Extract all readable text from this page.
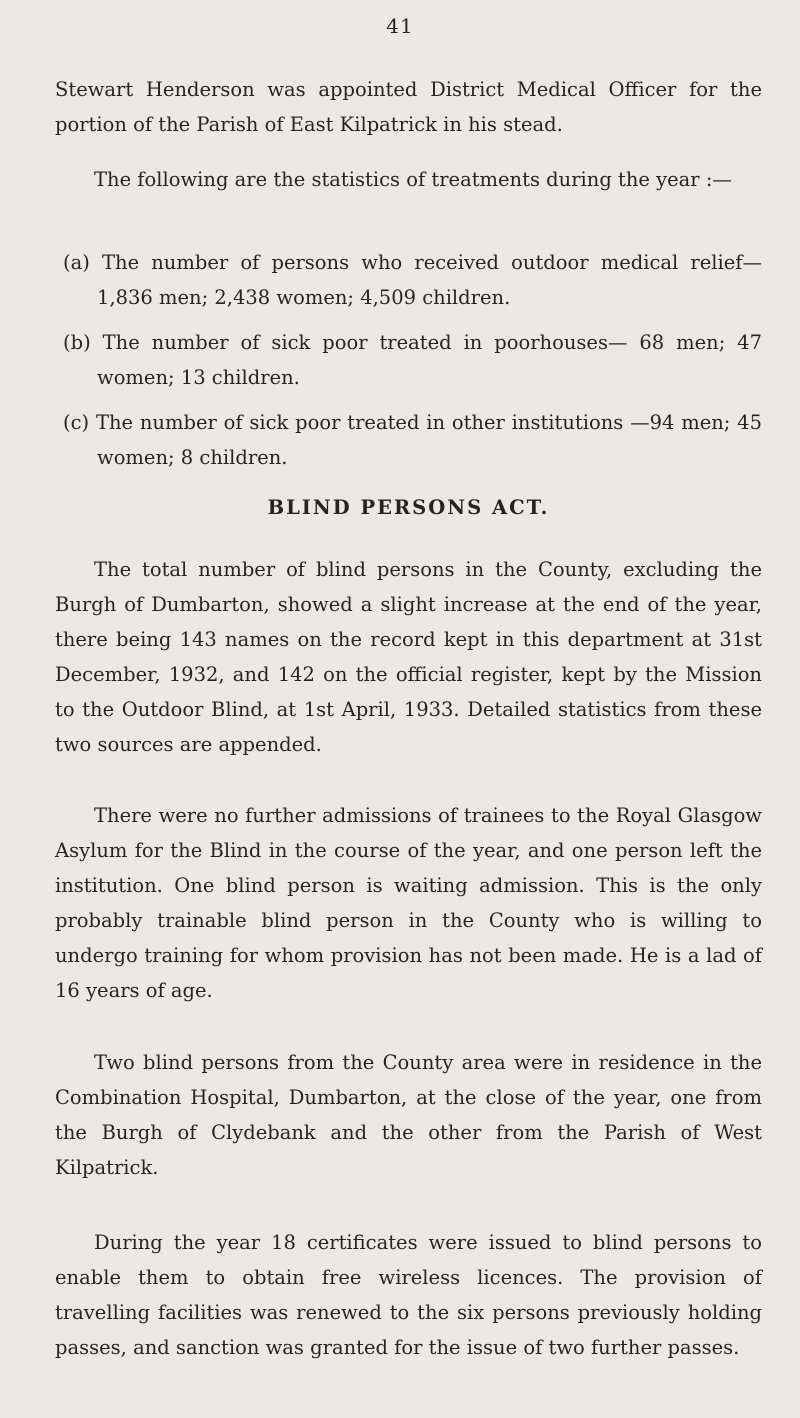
41

Stewart Henderson was appointed District Medical Officer for the portion of the Parish of East Kilpatrick in his stead.

The following are the statistics of treatments during the year :—

(a) The number of persons who received outdoor medical relief—1,836 men; 2,438 women; 4,509 children.

(b) The number of sick poor treated in poorhouses— 68 men; 47 women; 13 children.

(c) The number of sick poor treated in other institutions —94 men; 45 women; 8 children.

BLIND PERSONS ACT.

The total number of blind persons in the County, excluding the Burgh of Dumbarton, showed a slight increase at the end of the year, there being 143 names on the record kept in this department at 31st December, 1932, and 142 on the official register, kept by the Mission to the Outdoor Blind, at 1st April, 1933. Detailed statistics from these two sources are appended.

There were no further admissions of trainees to the Royal Glasgow Asylum for the Blind in the course of the year, and one person left the institution. One blind person is waiting admission. This is the only probably trainable blind person in the County who is willing to undergo training for whom provision has not been made. He is a lad of 16 years of age.

Two blind persons from the County area were in residence in the Combination Hospital, Dumbarton, at the close of the year, one from the Burgh of Clydebank and the other from the Parish of West Kilpatrick.

During the year 18 certificates were issued to blind persons to enable them to obtain free wireless licences. The provision of travelling facilities was renewed to the six persons previously holding passes, and sanction was granted for the issue of two further passes.
